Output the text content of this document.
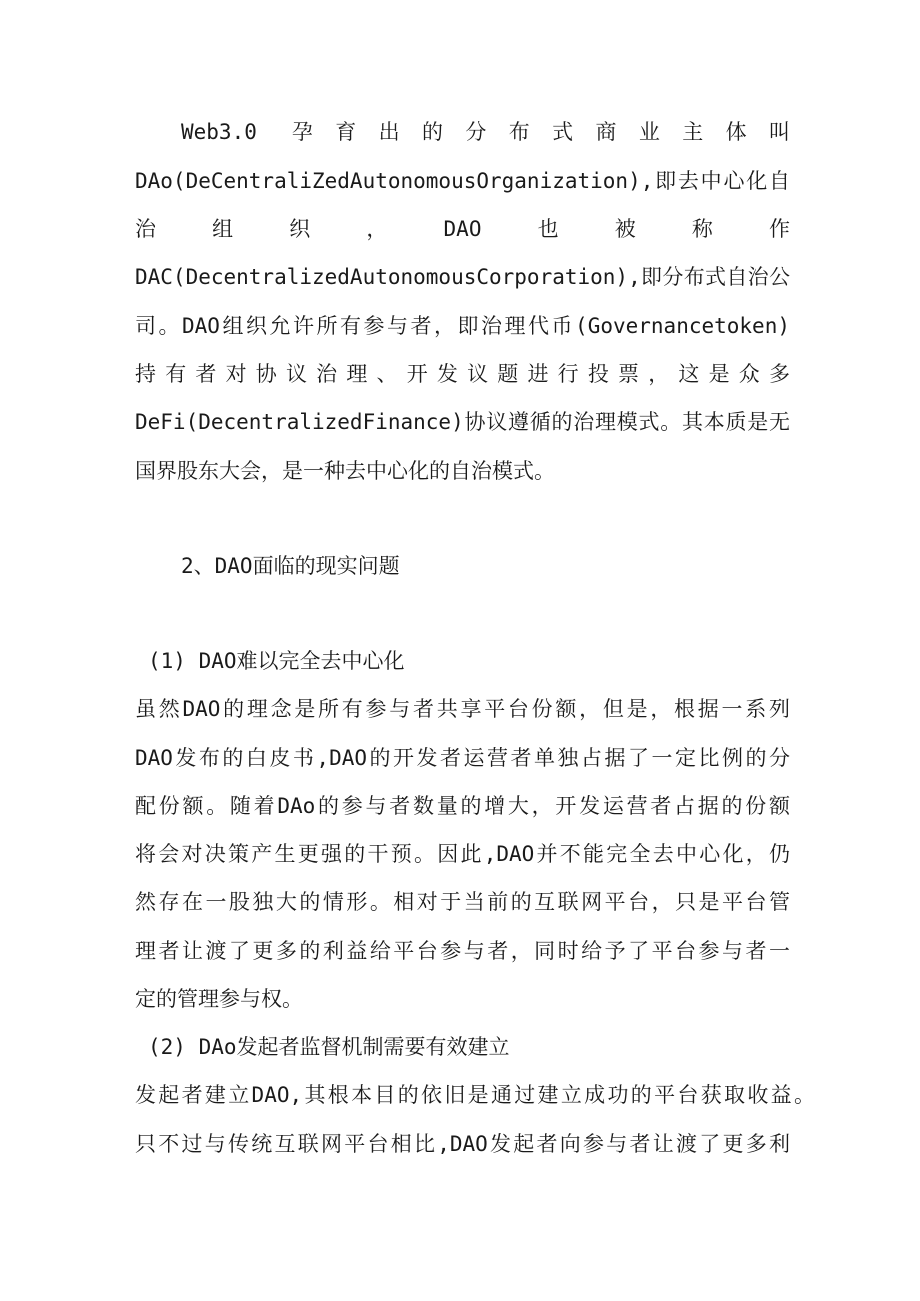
Web3.0 孕育出的分布式商业主体叫
DAo(DeCentraliZedAutonomousOrganization),即去中心化自
治组织，DAO也被称作
DAC(DecentralizedAutonomousCorporation),即分布式自治公
司。DAO组织允许所有参与者，即治理代币(Governancetoken)
持有者对协议治理、开发议题进行投票，这是众多
DeFi(DecentralizedFinance)协议遵循的治理模式。其本质是无
国界股东大会，是一种去中心化的自治模式。
2、DAO面临的现实问题
(1) DAO难以完全去中心化
虽然DAO的理念是所有参与者共享平台份额，但是，根据一系列
DAO发布的白皮书,DAO的开发者运营者单独占据了一定比例的分
配份额。随着DAo的参与者数量的增大，开发运营者占据的份额
将会对决策产生更强的干预。因此,DAO并不能完全去中心化，仍
然存在一股独大的情形。相对于当前的互联网平台，只是平台管
理者让渡了更多的利益给平台参与者，同时给予了平台参与者一
定的管理参与权。
(2) DAo发起者监督机制需要有效建立
发起者建立DAO,其根本目的依旧是通过建立成功的平台获取收益。
只不过与传统互联网平台相比,DAO发起者向参与者让渡了更多利
